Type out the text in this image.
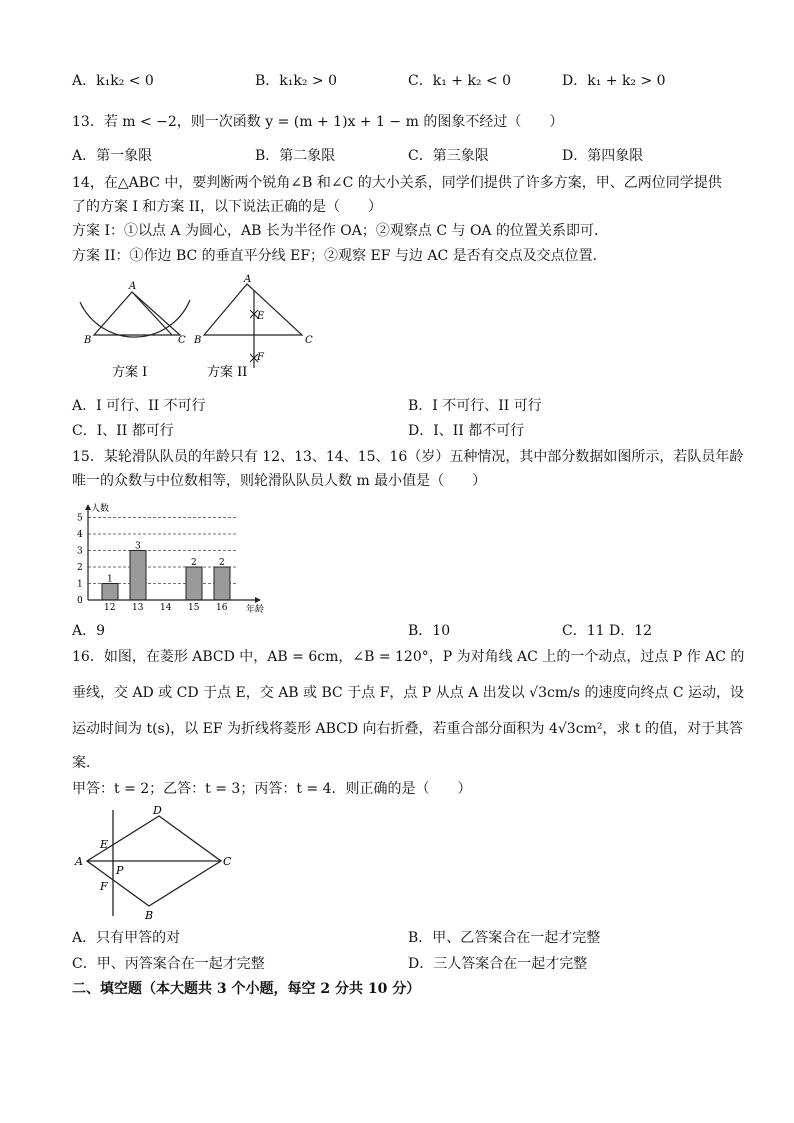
A．k₁k₂ < 0	B．k₁k₂ > 0	C．k₁ + k₂ < 0	D．k₁ + k₂ > 0
13．若 m < −2，则一次函数 y = (m + 1)x + 1 − m 的图象不经过（　　）
A．第一象限	B．第二象限	C．第三象限	D．第四象限
14，在△ABC 中，要判断两个锐角∠B 和∠C 的大小关系，同学们提供了许多方案，甲、乙两位同学提供
了的方案 I 和方案 II，以下说法正确的是（　　）
方案 I：①以点 A 为圆心，AB 长为半径作 OA；②观察点 C 与 OA 的位置关系即可．
方案 II：①作边 BC 的垂直平分线 EF；②观察 EF 与边 AC 是否有交点及交点位置．
A
B	C
方案 I
A
E
B	C
F
方案 II
A．I 可行、II 不可行	B．I 不可行、II 可行
C．I、II 都可行	D．I、II 都不可行
15．某轮滑队队员的年龄只有 12、13、14、15、16（岁）五种情况，其中部分数据如图所示，若队员年龄
唯一的众数与中位数相等，则轮滑队队员人数 m 最小值是（　　）
0
1
2
3
4
5
1
12
3
13 14
2
15
2
16
人数
年龄
A．9	B．10	C．11 D．12
16．如图，在菱形 ABCD 中，AB = 6cm，∠B = 120°，P 为对角线 AC 上的一个动点，过点 P 作 AC 的
垂线，交 AD 或 CD 于点 E，交 AB 或 BC 于点 F，点 P 从点 A 出发以 √3cm/s 的速度向终点 C 运动，设
运动时间为 t(s)，以 EF 为折线将菱形 ABCD 向右折叠，若重合部分面积为 4√3cm²，求 t 的值，对于其答
案．
甲答：t = 2；乙答：t = 3；丙答：t = 4．则正确的是（　　）
D
E
A
P
C
F
B
A．只有甲答的对	B．甲、乙答案合在一起才完整
C．甲、丙答案合在一起才完整	D．三人答案合在一起才完整
二、填空题（本大题共 3 个小题，每空 2 分共 10 分）
